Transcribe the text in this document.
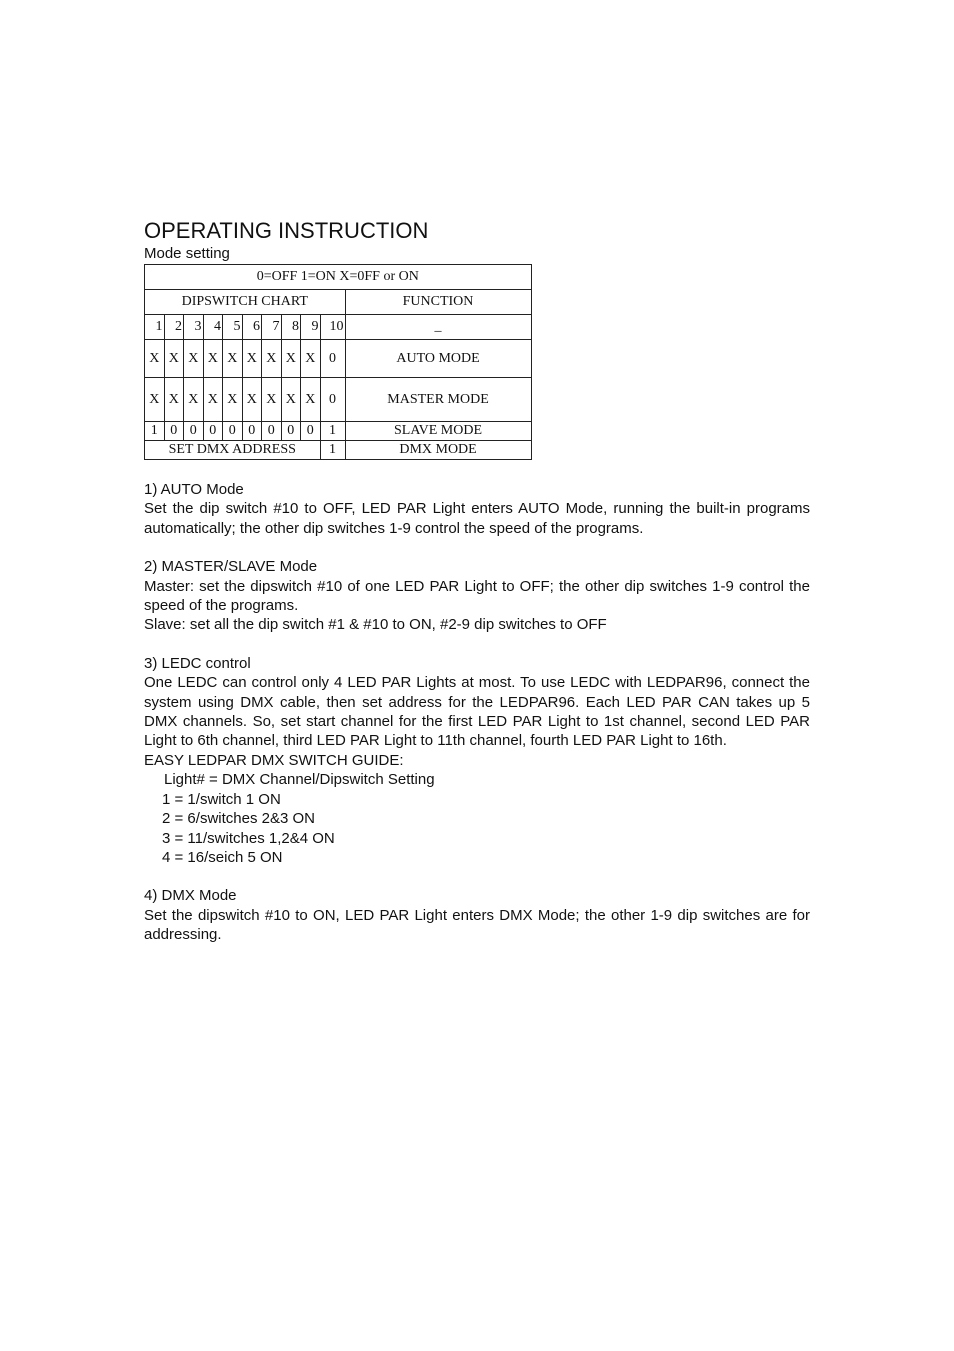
OPERATING INSTRUCTION

Mode setting

0=OFF 1=ON X=0FF or ON										
DIPSWITCH CHART										FUNCTION
1	2	3	4	5	6	7	8	9	10	_
X	X	X	X	X	X	X	X	X	0	AUTO MODE
X	X	X	X	X	X	X	X	X	0	MASTER MODE
1	0	0	0	0	0	0	0	0	1	SLAVE MODE
SET DMX ADDRESS									1	DMX MODE

1) AUTO Mode

Set the dip switch #10 to OFF, LED PAR Light enters AUTO Mode, running the built-in programs automatically; the other dip switches 1-9 control the speed of the programs.

2) MASTER/SLAVE Mode

Master: set the dipswitch #10 of one LED PAR Light to OFF; the other dip switches 1-9 control the speed of the programs.

Slave: set all the dip switch #1 & #10 to ON, #2-9 dip switches to OFF

3) LEDC control

One LEDC can control only 4 LED PAR Lights at most. To use LEDC with LEDPAR96, connect the system using DMX cable, then set address for the LEDPAR96. Each LED PAR CAN takes up 5 DMX channels. So, set start channel for the first LED PAR Light to 1st channel, second LED PAR Light to 6th channel, third LED PAR Light to 11th channel, fourth LED PAR Light to 16th.

EASY LEDPAR DMX SWITCH GUIDE:

Light# = DMX Channel/Dipswitch Setting

1 = 1/switch 1 ON

2 = 6/switches 2&3 ON

3 = 11/switches 1,2&4 ON

4 = 16/seich 5 ON

4) DMX Mode

Set the dipswitch #10 to ON, LED PAR Light enters DMX Mode; the other 1-9 dip switches are for addressing.
